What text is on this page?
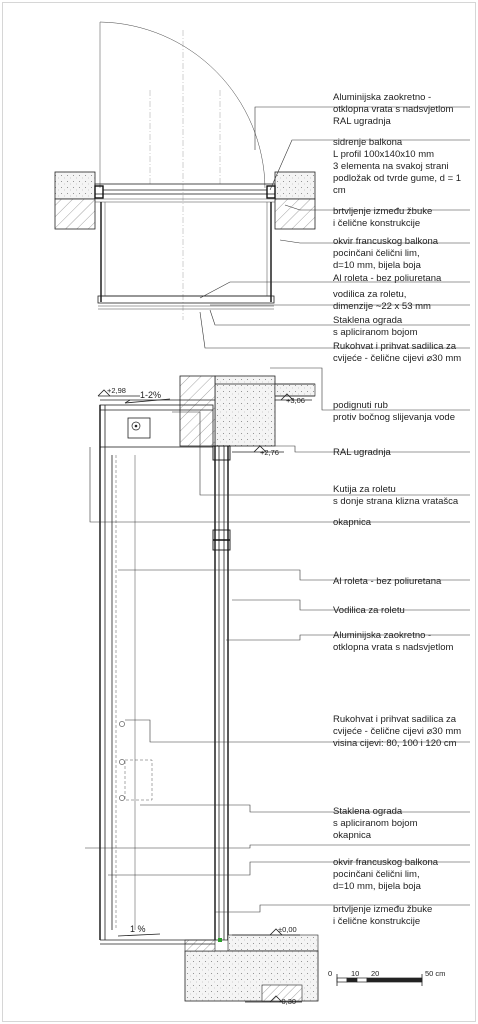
Aluminijska zaokretno - otklopna vrata s nadsvjetlom RAL ugradnja
sidrenje balkona L profil 100x140x10 mm 3 elementa na svakoj strani podložak od tvrde gume, d = 1 cm
brtvljenje između žbuke i čelične konstrukcije
okvir francuskog balkona pocinčani čelični lim, d=10 mm, bijela boja
Al roleta - bez poliuretana
vodilica za roletu, dimenzije ~22 x 53 mm
Staklena ograda s apliciranom bojom
Rukohvat i prihvat sadilica za cvijeće - čelične cijevi ⌀30 mm
+2,98
+3,06
+2,76
±0,00
-0,30
1-2%
1 %
podignuti rub protiv bočnog slijevanja vode
RAL ugradnja
Kutija za roletu s donje strana klizna vratašca
okapnica
Al roleta - bez poliuretana
Vodilica za roletu
Aluminijska zaokretno - otklopna vrata s nadsvjetlom
Rukohvat i prihvat sadilica za cvijeće - čelične cijevi ⌀30 mm visina cijevi: 80, 100 i 120 cm
Staklena ograda s apliciranom bojom okapnica
okvir francuskog balkona pocinčani čelični lim, d=10 mm, bijela boja
brtvljenje između žbuke i čelične konstrukcije
0	10 20	50 cm
